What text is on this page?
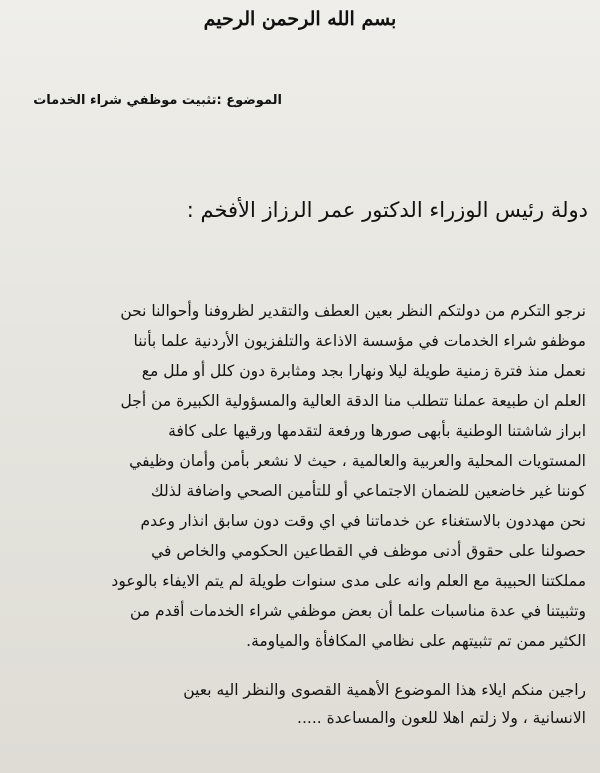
بسم الله الرحمن الرحيم
الموضوع :تثبيت موظفي شراء الخدمات
دولة رئيس الوزراء الدكتور عمر الرزاز الأفخم :
نرجو التكرم من دولتكم النظر بعين العطف والتقدير لظروفنا وأحوالنا نحن
موظفو شراء الخدمات في مؤسسة الاذاعة والتلفزيون الأردنية علما بأننا
نعمل منذ فترة زمنية طويلة ليلا ونهارا بجد ومثابرة دون كلل أو ملل مع
العلم ان طبيعة عملنا تتطلب منا الدقة العالية والمسؤولية الكبيرة من أجل
ابراز شاشتنا الوطنية بأبهى صورها ورفعة لتقدمها ورقيها على كافة
المستويات المحلية والعربية والعالمية ، حيث لا نشعر بأمن وأمان وظيفي
كوننا غير خاضعين للضمان الاجتماعي أو للتأمين الصحي واضافة لذلك
نحن مهددون بالاستغناء عن خدماتنا في اي وقت دون سابق انذار وعدم
حصولنا على حقوق أدنى موظف في القطاعين الحكومي والخاص في
مملكتنا الحبيبة مع العلم وانه على مدى سنوات طويلة لم يتم الايفاء بالوعود
وتثبيتنا في عدة مناسبات علما أن بعض موظفي شراء الخدمات أقدم من
الكثير ممن تم تثبيتهم على نظامي المكافأة والمياومة.
راجين منكم ايلاء هذا الموضوع الأهمية القصوى والنظر اليه بعين
الانسانية ، ولا زلتم اهلا للعون والمساعدة .....
